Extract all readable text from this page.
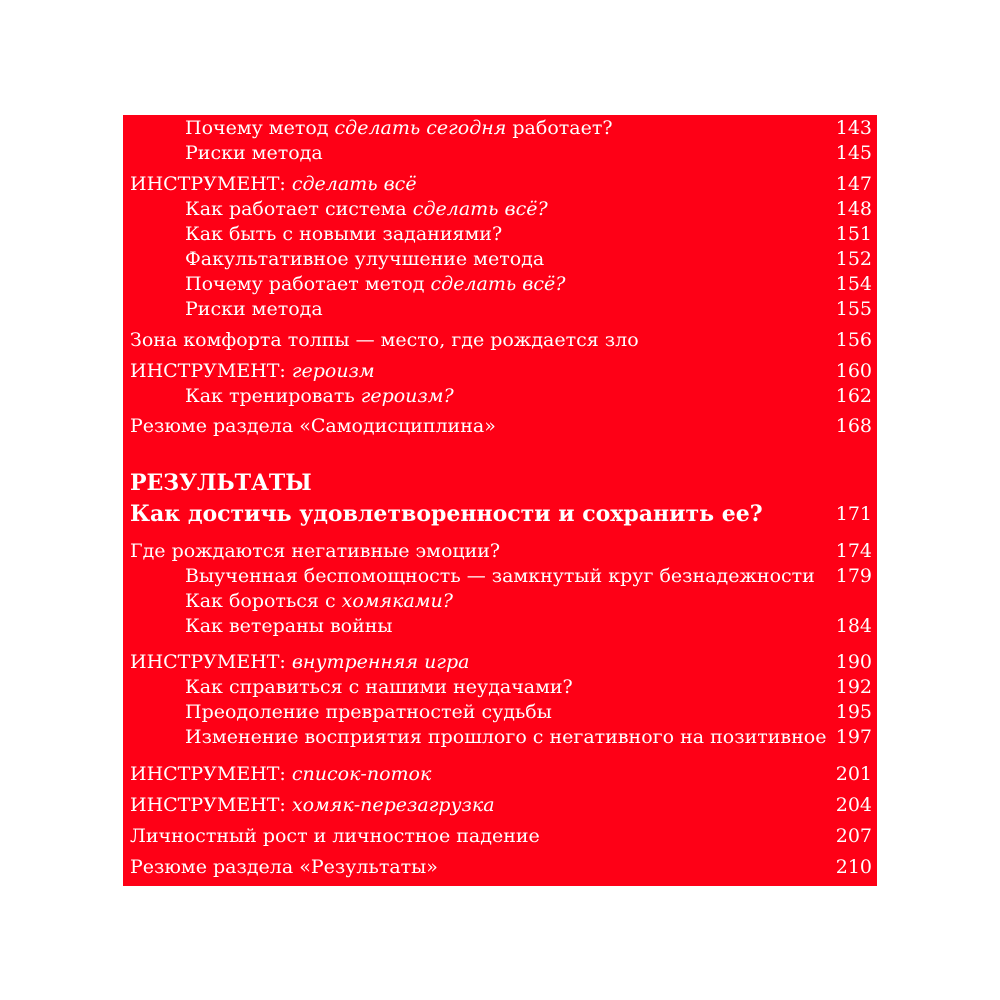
Почему метод сделать сегодня работает?	143
Риски метода	145
ИНСТРУМЕНТ: сделать всё	147
Как работает система сделать всё?	148
Как быть с новыми заданиями?	151
Факультативное улучшение метода	152
Почему работает метод сделать всё?	154
Риски метода	155
Зона комфорта толпы — место, где рождается зло	156
ИНСТРУМЕНТ: героизм	160
Как тренировать героизм?	162
Резюме раздела «Самодисциплина»	168
РЕЗУЛЬТАТЫ
Как достичь удовлетворенности и сохранить ее?	171
Где рождаются негативные эмоции?	174
Выученная беспомощность — замкнутый круг безнадежности 179
Как бороться с хомяками?
Как ветераны войны	184
ИНСТРУМЕНТ: внутренняя игра	190
Как справиться с нашими неудачами?	192
Преодоление превратностей судьбы	195
Изменение восприятия прошлого с негативного на позитивное 197
ИНСТРУМЕНТ: список-поток	201
ИНСТРУМЕНТ: хомяк-перезагрузка	204
Личностный рост и личностное падение	207
Резюме раздела «Результаты»	210
